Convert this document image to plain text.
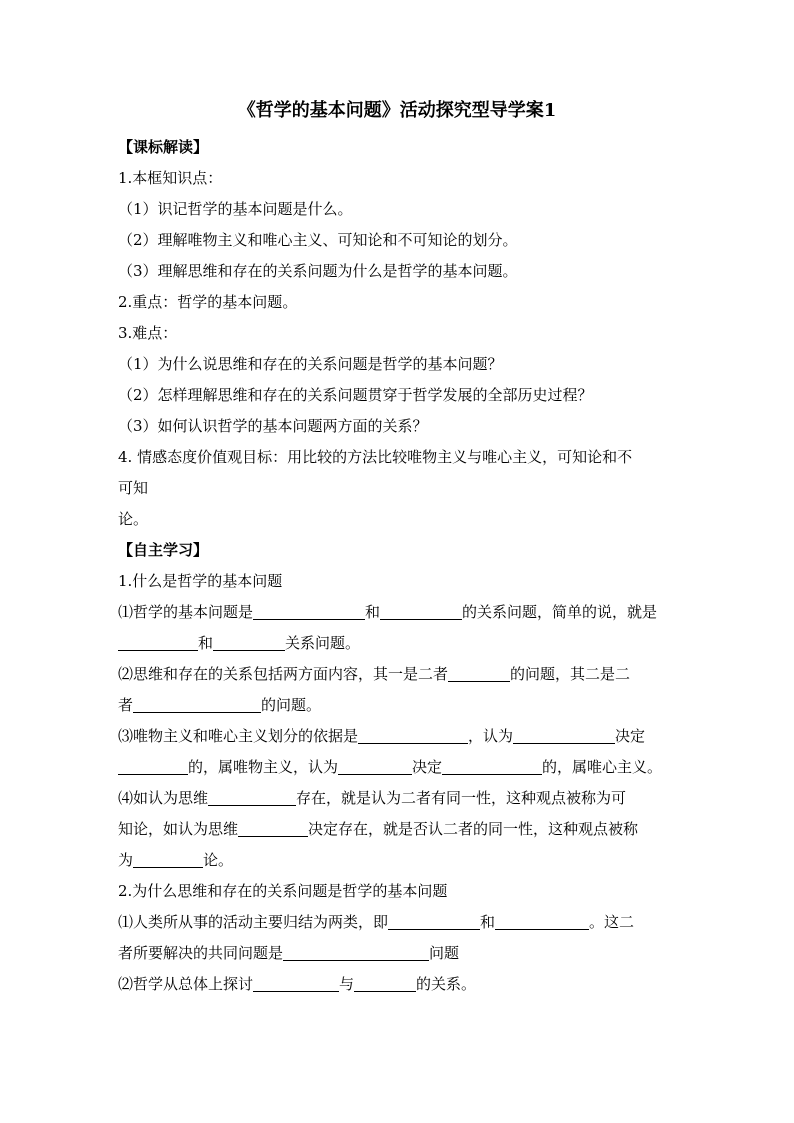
《哲学的基本问题》活动探究型导学案1
【课标解读】
1.本框知识点：
（1）识记哲学的基本问题是什么。
（2）理解唯物主义和唯心主义、可知论和不可知论的划分。
（3）理解思维和存在的关系问题为什么是哲学的基本问题。
2.重点：哲学的基本问题。
3.难点：
（1）为什么说思维和存在的关系问题是哲学的基本问题？
（2）怎样理解思维和存在的关系问题贯穿于哲学发展的全部历史过程？
（3）如何认识哲学的基本问题两方面的关系？
4. 情感态度价值观目标：用比较的方法比较唯物主义与唯心主义，可知论和不
可知
论。
【自主学习】
1.什么是哲学的基本问题
⑴哲学的基本问题是	和	的关系问题，简单的说，就是
和	关系问题。
⑵思维和存在的关系包括两方面内容，其一是二者	的问题，其二是二
者	的问题。
⑶唯物主义和唯心主义划分的依据是	，认为	决定
的，属唯物主义，认为	决定	的，属唯心主义。
⑷如认为思维	存在，就是认为二者有同一性，这种观点被称为可
知论，如认为思维	决定存在，就是否认二者的同一性，这种观点被称
为	论。
2.为什么思维和存在的关系问题是哲学的基本问题
⑴人类所从事的活动主要归结为两类，即	和	。这二
者所要解决的共同问题是	问题
⑵哲学从总体上探讨	与	的关系。
